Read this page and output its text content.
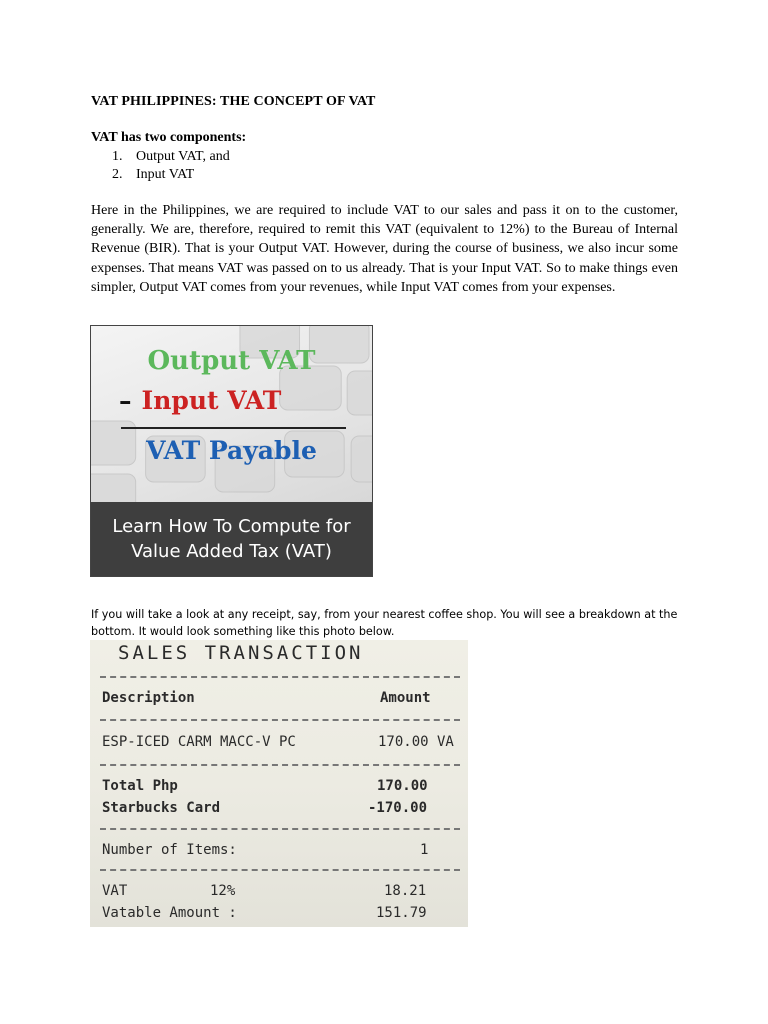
VAT PHILIPPINES: THE CONCEPT OF VAT
VAT has two components:
1. Output VAT, and
2. Input VAT

Here in the Philippines, we are required to include VAT to our sales and pass it on to the customer, generally. We are, therefore, required to remit this VAT (equivalent to 12%) to the Bureau of Internal Revenue (BIR). That is your Output VAT. However, during the course of business, we also incur some expenses. That means VAT was passed on to us already. That is your Input VAT. So to make things even simpler, Output VAT comes from your revenues, while Input VAT comes from your expenses.

Output VAT
– Input VAT
VAT Payable
Learn How To Compute for
Value Added Tax (VAT)

If you will take a look at any receipt, say, from your nearest coffee shop. You will see a breakdown at the bottom. It would look something like this photo below.

SALES TRANSACTION
Description	Amount
ESP-ICED CARM MACC-V PC	170.00 VA
Total Php	170.00
Starbucks Card	-170.00
Number of Items:	1
VAT	12%	18.21
Vatable Amount :	151.79
